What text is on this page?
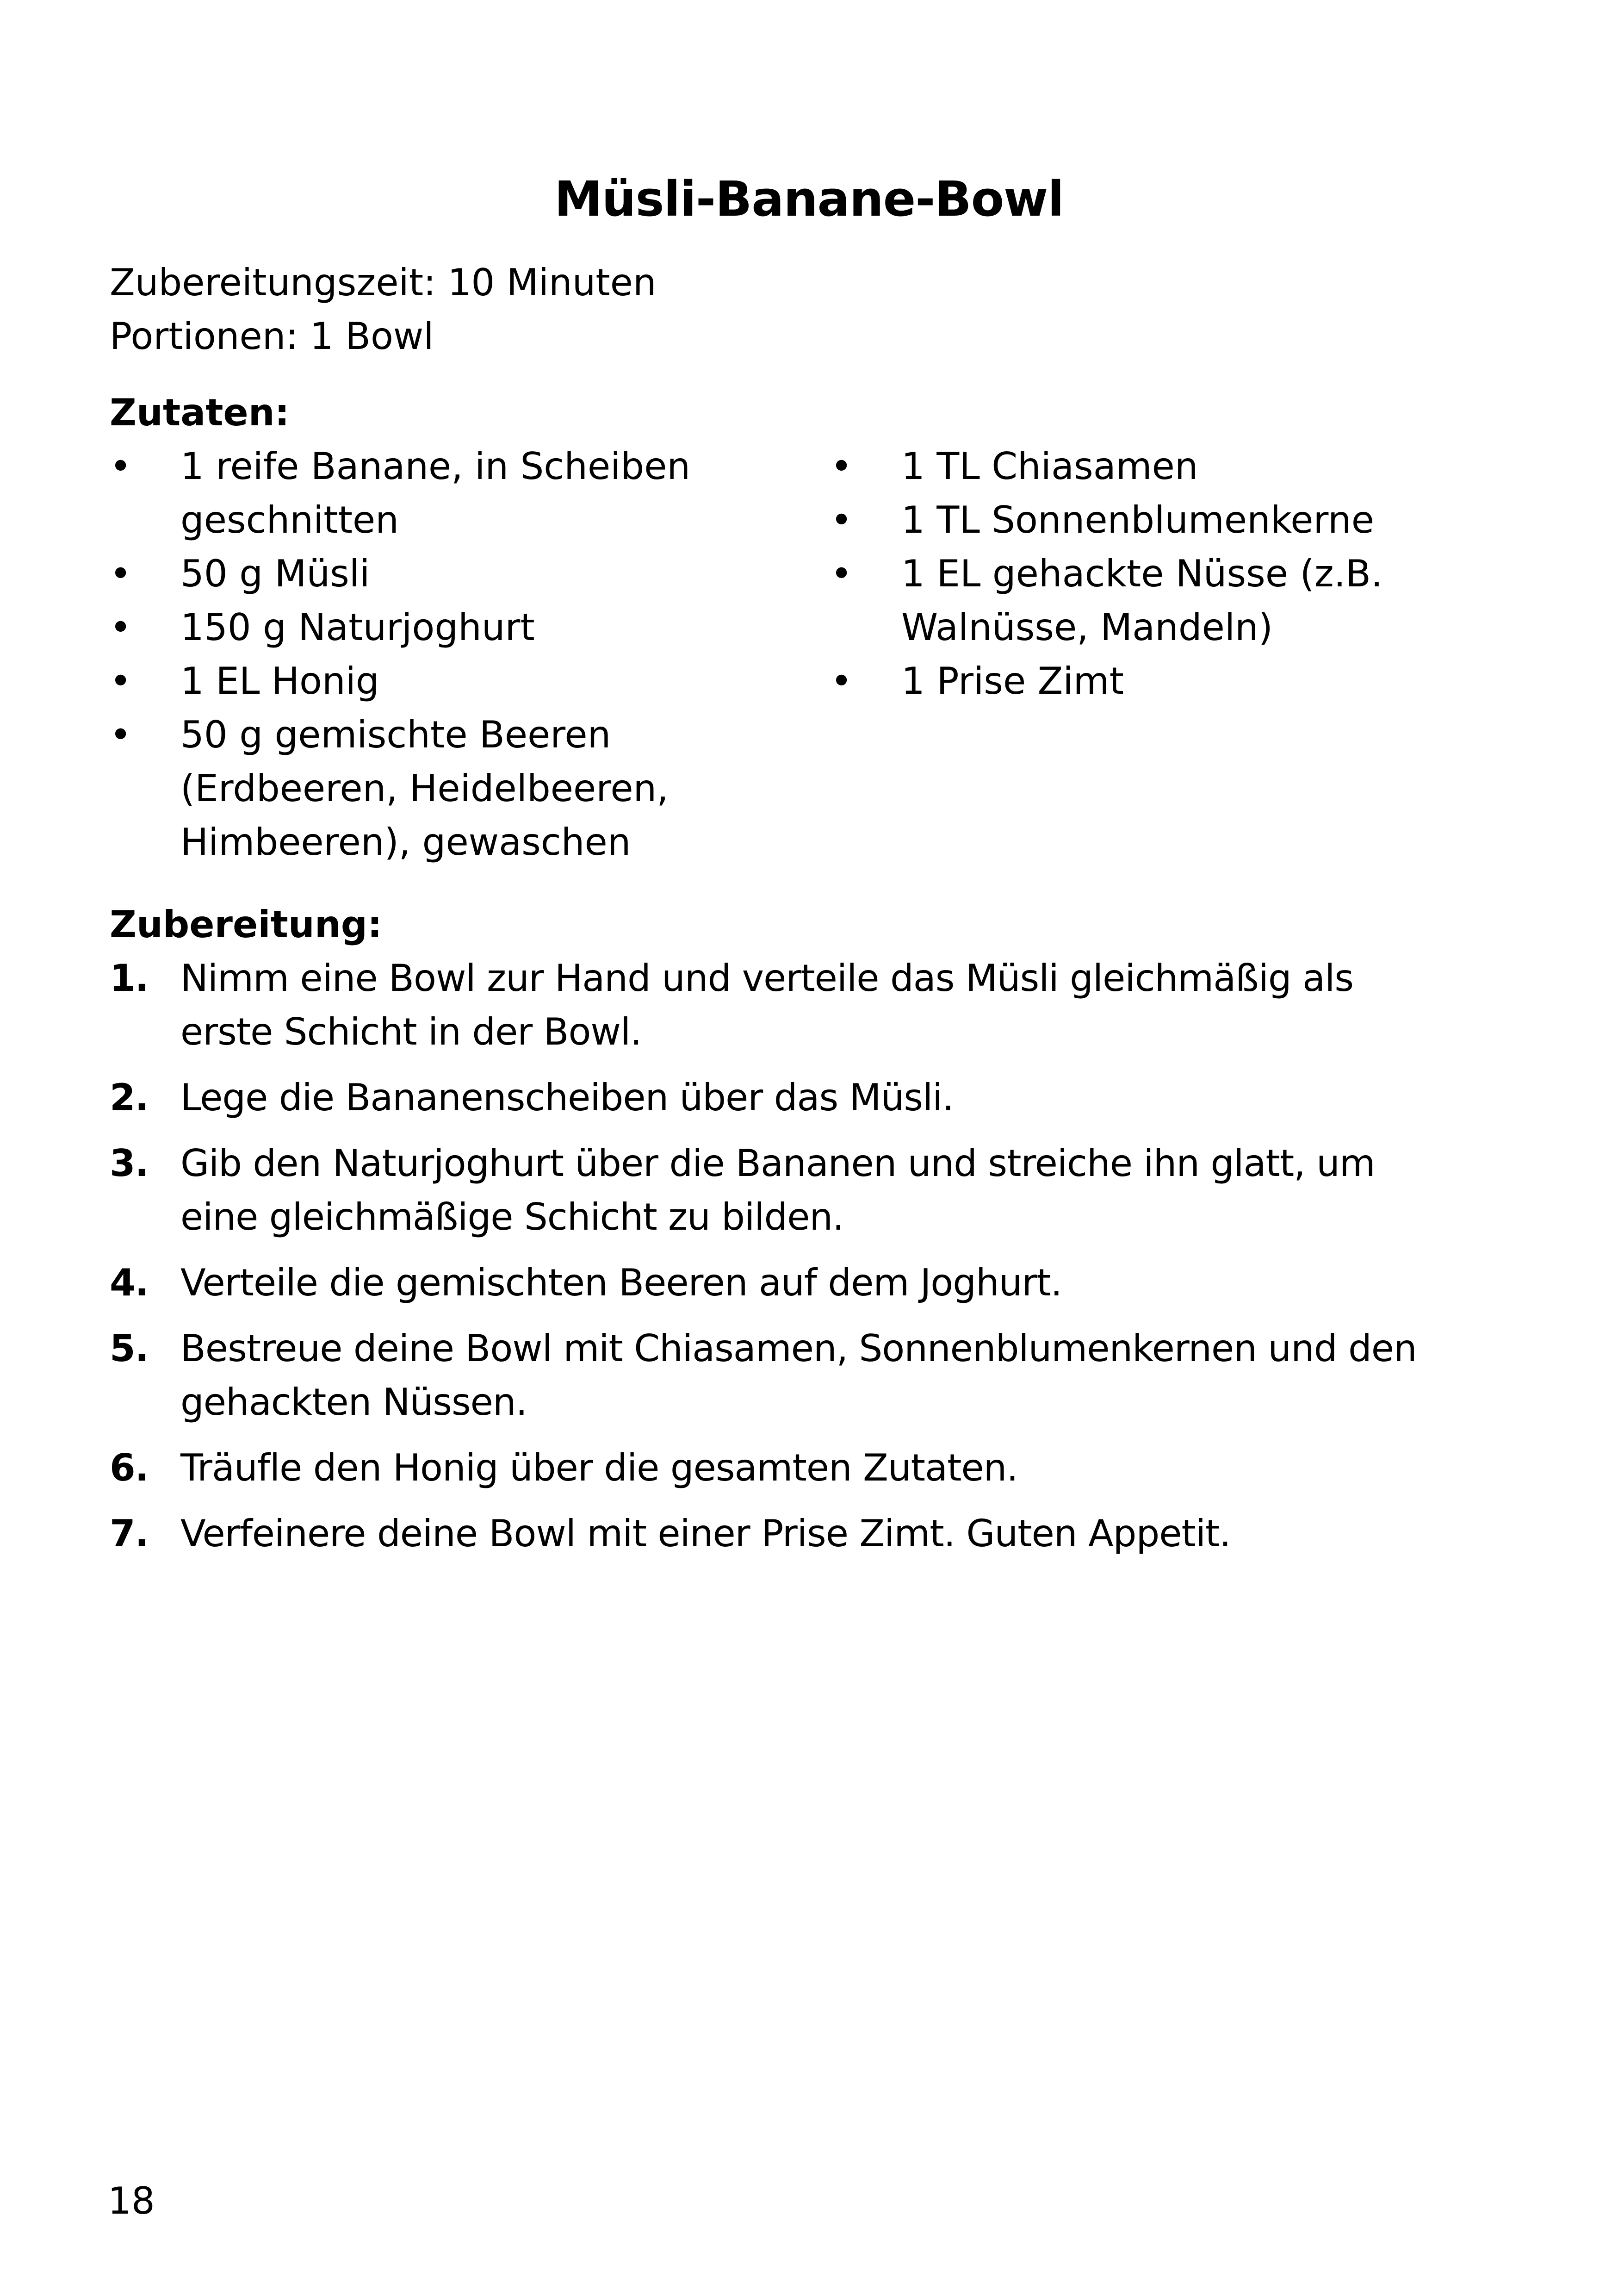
Müsli-Banane-Bowl
Zubereitungszeit: 10 Minuten
Portionen: 1 Bowl
Zutaten:
• 1 reife Banane, in Scheiben geschnitten
• 50 g Müsli
• 150 g Naturjoghurt
• 1 EL Honig
• 50 g gemischte Beeren (Erdbeeren, Heidelbeeren, Himbeeren), gewaschen
• 1 TL Chiasamen
• 1 TL Sonnenblumenkerne
• 1 EL gehackte Nüsse (z.B. Walnüsse, Mandeln)
• 1 Prise Zimt
Zubereitung:
1. Nimm eine Bowl zur Hand und verteile das Müsli gleichmäßig als erste Schicht in der Bowl.
2. Lege die Bananenscheiben über das Müsli.
3. Gib den Naturjoghurt über die Bananen und streiche ihn glatt, um eine gleichmäßige Schicht zu bilden.
4. Verteile die gemischten Beeren auf dem Joghurt.
5. Bestreue deine Bowl mit Chiasamen, Sonnenblumenkernen und den gehackten Nüssen.
6. Träufle den Honig über die gesamten Zutaten.
7. Verfeinere deine Bowl mit einer Prise Zimt. Guten Appetit.
18
